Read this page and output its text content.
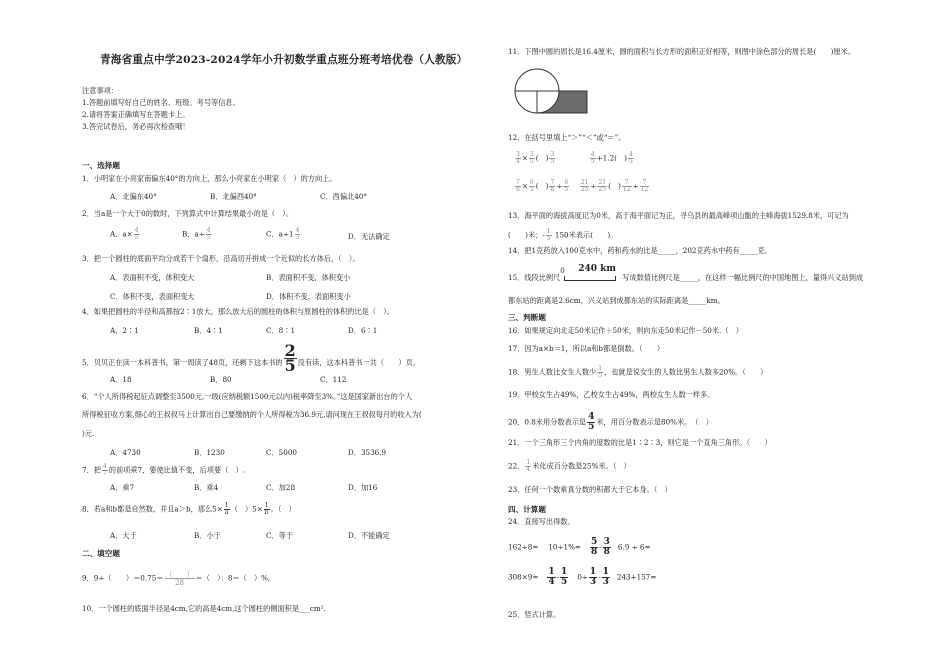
青海省重点中学2023-2024学年小升初数学重点班分班考培优卷（人教版）
注意事项：
1.答题前填写好自己的姓名、班级、考号等信息。
2.请将答案正确填写在答题卡上。
3.答完试卷后，务必再次检查哦！
一、选择题
1．小明家在小亮家南偏东40°的方向上，那么小亮家在小明家（　）的方向上。
A．北偏东40°	B．北偏西40°	C．西偏北40°
2．当a是一个大于0的数时，下列算式中计算结果最小的是（　）。
A．$a\times \frac{4}{5}$	B．$a\div \frac{4}{5}$	C．$a\div 1 \frac{4}{5}$	D．无法确定
3．把一个圆柱的底面平均分成若干个扇形，沿高切开拼成一个近似的长方体后，（　）。
A．表面积不变，体积变大	B．表面积不变，体积变小
C．体积不变，表面积变大	D．体积不变，表面积变小
4．如果把圆柱的半径和高都按2∶1放大，那么放大后的圆柱的体积与原圆柱的体积的比是（　）。
A．2∶1	B．4∶1	C．8∶1	D．6∶1
5．贝贝正在读一本科普书，第一周读了48页，还剩下这本书的 $\frac{2}{5}$ 没有读，这本科普书一共（　　）页。
A．18	B．80	C．112
6．“个人所得税起征点调整至3500元,一级(应纳税额1500元以内)税率降至3%。”这是国家新出台的个人
所得税征收方案,细心的王叔叔马上计算出自己要缴纳的个人所得税为36.9元,请问现在王叔叔每月的收入为(
)元.
A．4730	B．1230	C．5000	D．3536.9
7．把 $\frac{4}{7}$ 的前项乘7，要使比值不变，后项要（　）.
A．乘7	B．乘4	C．加28	D．加16
8．若a和b都是自然数，并且a＞b，那么$5\times \frac{1}{a}$ （　）$5\times \frac{1}{b}$ 。（　）
A．大于	B．小于	C．等于	D．不能确定
二、填空题
9．9÷（　　）$=0.75= \frac{( )}{28}$ ＝（　）：8＝（　）%。
10．一个圆柱的底面半径是4cm,它的高是4cm,这个圆柱的侧面积是___cm².
11．下图中圆的周长是16.4厘米，圆的面积与长方形的面积正好相等，则图中涂色部分的周长是(　　)厘米。
12．在括号里填上“＞”“＜”或“＝”。
$\frac{3}{4} \times \frac{3}{5}$ (　) $\frac{3}{5}$
	$\frac{4}{5} +1.2$(　) $\frac{4}{5}$
$\frac{7}{8} \times \frac{6}{5}$ (　) $\frac{7}{8} \div \frac{6}{5}$
$\frac{21}{25} \div \frac{21}{25}$ (　) $\frac{7}{12} \div \frac{7}{12}$
13．海平面的海拔高度记为0米，高于海平面记为正，寻乌县的最高峰项山甑的主峰海拔1529.8米，可记为
(　　)米；- $\frac{1}{5} 150$米表示(　　)。
14．把1克药放入100克水中，药和药水的比是_____，202克药水中药有_____克.
15．线段比例尺
0 240 km
写成数值比例尺是_____，在这样一幅比例尺的中国地图上，量得兴义站到成
都东站的距离是2.6cm，兴义站到成都东站的实际距离是_____km。
三、判断题
16．如果规定向北走50米记作＋50米，则向东走50米记作－50米.（　）
17．因为a×b＝1，所以a和b都是倒数。（　　）
18．男生人数比女生人数少 $\frac{1}{5}$ ，也就是说女生的人数比男生人数多20%。（　　）
19．甲校女生占49%，乙校女生占49%，两校女生人数一样多。
20．0.8米用分数表示是 $\frac{4}{5}$ 米，用百分数表示是80%米。　（　）
21．一个三角形三个内角的度数的比是1∶2∶3，则它是一个直角三角形。（　　）
22． $\frac{1}{4}$ 米化成百分数是25%米。（　）
23．任何一个数乘真分数的积都大于它本身。（　）
四、计算题
24．直接写出得数。
$162\div 8= 10\div 1\%= \frac{5}{8} - \frac{3}{8} 6.9 \div 6=$
$308\times 9= \frac{1}{4} - \frac{1}{5} 0\div \frac{1}{3} - \frac{1}{3} 243+157=$
25．竖式计算。
